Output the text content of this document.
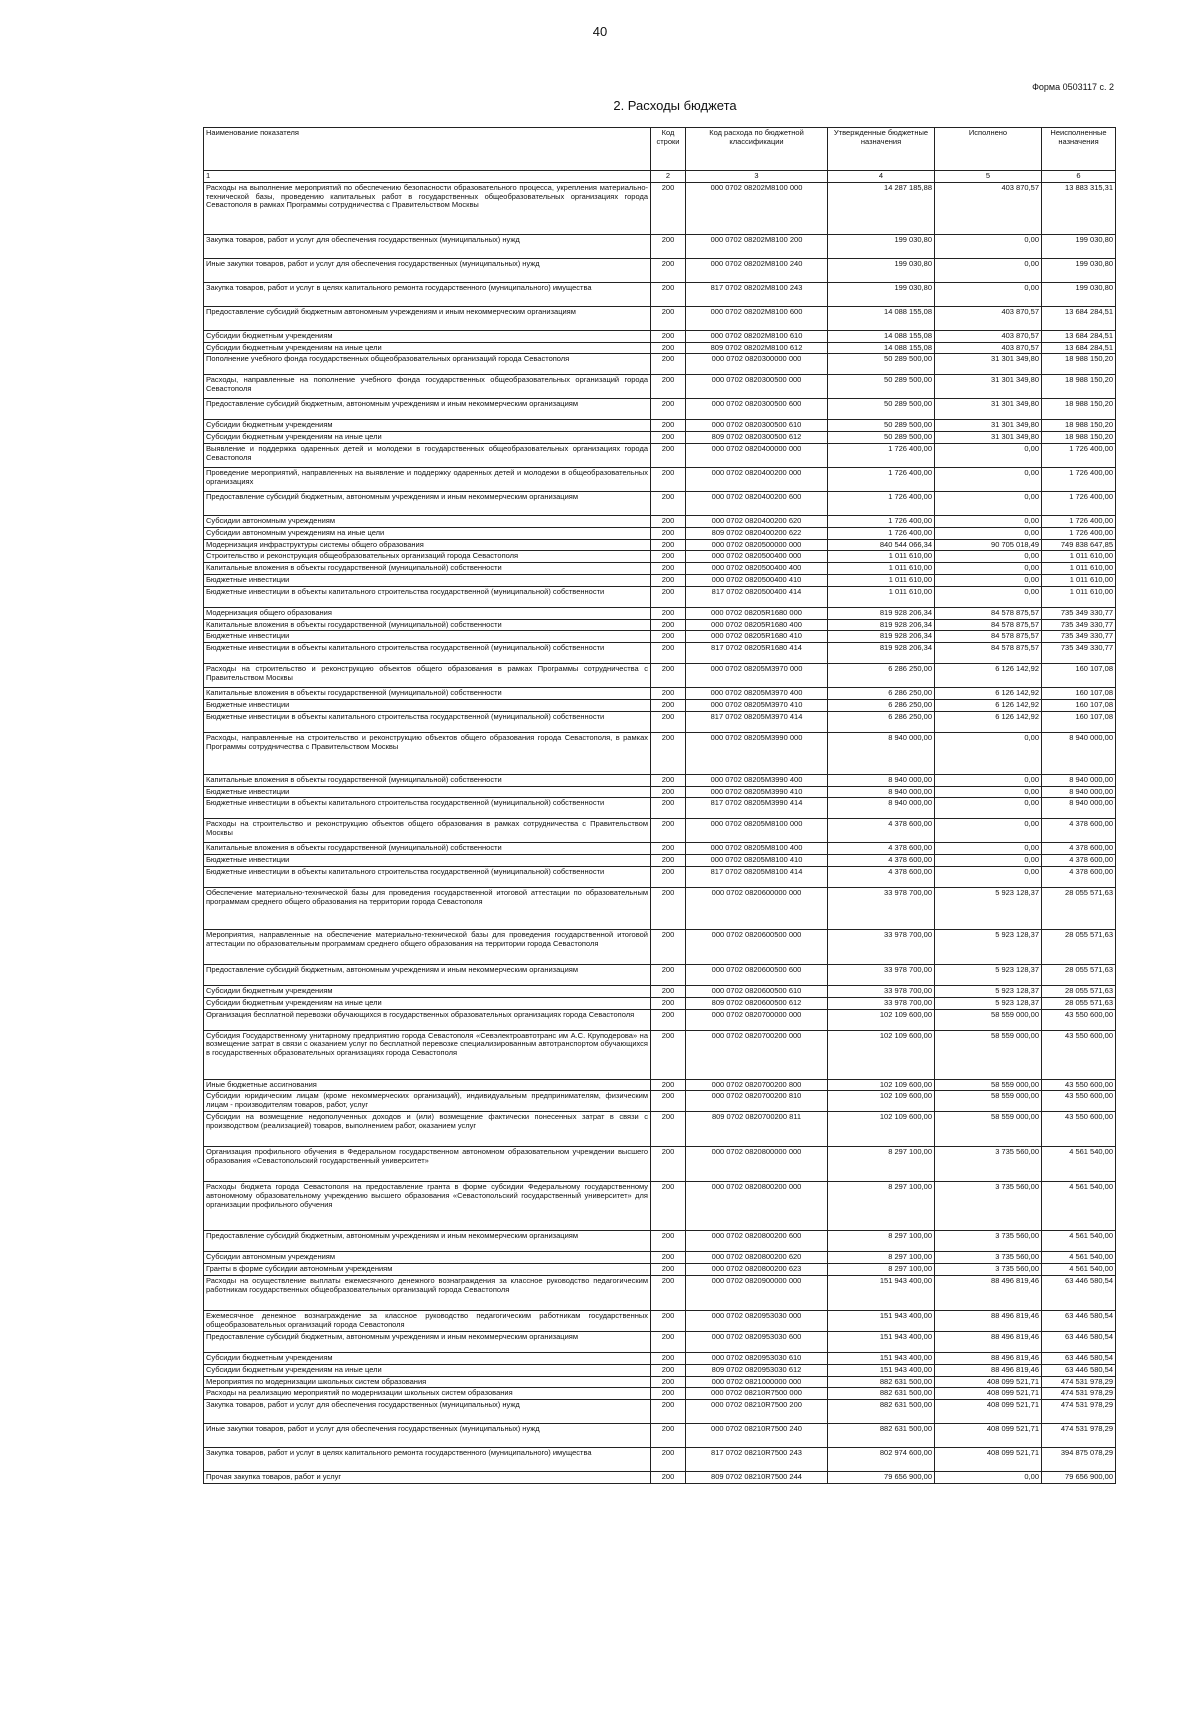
40
Форма 0503117 с. 2
2. Расходы бюджета
Наименование показателя	Код строки	Код расхода по бюджетной классификации	Утвержденные бюджетные назначения	Исполнено	Неисполненные назначения
1	2	3	4	5	6
Расходы на выполнение мероприятий по обеспечению безопасности образовательного процесса, укрепления материально-технической базы, проведению капитальных работ в государственных общеобразовательных организациях города Севастополя в рамках Программы сотрудничества с Правительством Москвы	200	000 0702 08202М8100 000	14 287 185,88	403 870,57	13 883 315,31
Закупка товаров, работ и услуг для обеспечения государственных (муниципальных) нужд	200	000 0702 08202М8100 200	199 030,80	0,00	199 030,80
Иные закупки товаров, работ и услуг для обеспечения государственных (муниципальных) нужд	200	000 0702 08202М8100 240	199 030,80	0,00	199 030,80
Закупка товаров, работ и услуг в целях капитального ремонта государственного (муниципального) имущества	200	817 0702 08202М8100 243	199 030,80	0,00	199 030,80
Предоставление субсидий бюджетным автономным учреждениям и иным некоммерческим организациям	200	000 0702 08202М8100 600	14 088 155,08	403 870,57	13 684 284,51
Субсидии бюджетным учреждениям	200	000 0702 08202М8100 610	14 088 155,08	403 870,57	13 684 284,51
Субсидии бюджетным учреждениям на иные цели	200	809 0702 08202М8100 612	14 088 155,08	403 870,57	13 684 284,51
Пополнение учебного фонда государственных общеобразовательных организаций города Севастополя	200	000 0702 0820300000 000	50 289 500,00	31 301 349,80	18 988 150,20
Расходы, направленные на пополнение учебного фонда государственных общеобразовательных организаций города Севастополя	200	000 0702 0820300500 000	50 289 500,00	31 301 349,80	18 988 150,20
Предоставление субсидий бюджетным, автономным учреждениям и иным некоммерческим организациям	200	000 0702 0820300500 600	50 289 500,00	31 301 349,80	18 988 150,20
Субсидии бюджетным учреждениям	200	000 0702 0820300500 610	50 289 500,00	31 301 349,80	18 988 150,20
Субсидии бюджетным учреждениям на иные цели	200	809 0702 0820300500 612	50 289 500,00	31 301 349,80	18 988 150,20
Выявление и поддержка одаренных детей и молодежи в государственных общеобразовательных организациях города Севастополя	200	000 0702 0820400000 000	1 726 400,00	0,00	1 726 400,00
Проведение мероприятий, направленных на выявление и поддержку одаренных детей и молодежи в общеобразовательных организациях	200	000 0702 0820400200 000	1 726 400,00	0,00	1 726 400,00
Предоставление субсидий бюджетным, автономным учреждениям и иным некоммерческим организациям	200	000 0702 0820400200 600	1 726 400,00	0,00	1 726 400,00
Субсидии автономным учреждениям	200	000 0702 0820400200 620	1 726 400,00	0,00	1 726 400,00
Субсидии автономным учреждениям на иные цели	200	809 0702 0820400200 622	1 726 400,00	0,00	1 726 400,00
Модернизация инфраструктуры системы общего образования	200	000 0702 0820500000 000	840 544 066,34	90 705 018,49	749 838 647,85
Строительство и реконструкция общеобразовательных организаций города Севастополя	200	000 0702 0820500400 000	1 011 610,00	0,00	1 011 610,00
Капитальные вложения в объекты государственной (муниципальной) собственности	200	000 0702 0820500400 400	1 011 610,00	0,00	1 011 610,00
Бюджетные инвестиции	200	000 0702 0820500400 410	1 011 610,00	0,00	1 011 610,00
Бюджетные инвестиции в объекты капитального строительства государственной (муниципальной) собственности	200	817 0702 0820500400 414	1 011 610,00	0,00	1 011 610,00
Модернизация общего образования	200	000 0702 08205R1680 000	819 928 206,34	84 578 875,57	735 349 330,77
Капитальные вложения в объекты государственной (муниципальной) собственности	200	000 0702 08205R1680 400	819 928 206,34	84 578 875,57	735 349 330,77
Бюджетные инвестиции	200	000 0702 08205R1680 410	819 928 206,34	84 578 875,57	735 349 330,77
Бюджетные инвестиции в объекты капитального строительства государственной (муниципальной) собственности	200	817 0702 08205R1680 414	819 928 206,34	84 578 875,57	735 349 330,77
Расходы на строительство и реконструкцию объектов общего образования в рамках Программы сотрудничества с Правительством Москвы	200	000 0702 08205М3970 000	6 286 250,00	6 126 142,92	160 107,08
Капитальные вложения в объекты государственной (муниципальной) собственности	200	000 0702 08205М3970 400	6 286 250,00	6 126 142,92	160 107,08
Бюджетные инвестиции	200	000 0702 08205М3970 410	6 286 250,00	6 126 142,92	160 107,08
Бюджетные инвестиции в объекты капитального строительства государственной (муниципальной) собственности	200	817 0702 08205М3970 414	6 286 250,00	6 126 142,92	160 107,08
Расходы, направленные на строительство и реконструкцию объектов общего образования города Севастополя, в рамках Программы сотрудничества с Правительством Москвы	200	000 0702 08205М3990 000	8 940 000,00	0,00	8 940 000,00
Капитальные вложения в объекты государственной (муниципальной) собственности	200	000 0702 08205М3990 400	8 940 000,00	0,00	8 940 000,00
Бюджетные инвестиции	200	000 0702 08205М3990 410	8 940 000,00	0,00	8 940 000,00
Бюджетные инвестиции в объекты капитального строительства государственной (муниципальной) собственности	200	817 0702 08205М3990 414	8 940 000,00	0,00	8 940 000,00
Расходы на строительство и реконструкцию объектов общего образования в рамках сотрудничества с Правительством Москвы	200	000 0702 08205М8100 000	4 378 600,00	0,00	4 378 600,00
Капитальные вложения в объекты государственной (муниципальной) собственности	200	000 0702 08205М8100 400	4 378 600,00	0,00	4 378 600,00
Бюджетные инвестиции	200	000 0702 08205М8100 410	4 378 600,00	0,00	4 378 600,00
Бюджетные инвестиции в объекты капитального строительства государственной (муниципальной) собственности	200	817 0702 08205М8100 414	4 378 600,00	0,00	4 378 600,00
Обеспечение материально-технической базы для проведения государственной итоговой аттестации по образовательным программам среднего общего образования на территории города Севастополя	200	000 0702 0820600000 000	33 978 700,00	5 923 128,37	28 055 571,63
Мероприятия, направленные на обеспечение материально-технической базы для проведения государственной итоговой аттестации по образовательным программам среднего общего образования на территории города Севастополя	200	000 0702 0820600500 000	33 978 700,00	5 923 128,37	28 055 571,63
Предоставление субсидий бюджетным, автономным учреждениям и иным некоммерческим организациям	200	000 0702 0820600500 600	33 978 700,00	5 923 128,37	28 055 571,63
Субсидии бюджетным учреждениям	200	000 0702 0820600500 610	33 978 700,00	5 923 128,37	28 055 571,63
Субсидии бюджетным учреждениям на иные цели	200	809 0702 0820600500 612	33 978 700,00	5 923 128,37	28 055 571,63
Организация бесплатной перевозки обучающихся в государственных образовательных организациях города Севастополя	200	000 0702 0820700000 000	102 109 600,00	58 559 000,00	43 550 600,00
Субсидия Государственному унитарному предприятию города Севастополя «Севэлектроавтотранс им А.С. Круподерова» на возмещение затрат в связи с оказанием услуг по бесплатной перевозке специализированным автотранспортом обучающихся в государственных образовательных организациях города Севастополя	200	000 0702 0820700200 000	102 109 600,00	58 559 000,00	43 550 600,00
Иные бюджетные ассигнования	200	000 0702 0820700200 800	102 109 600,00	58 559 000,00	43 550 600,00
Субсидии юридическим лицам (кроме некоммерческих организаций), индивидуальным предпринимателям, физическим лицам - производителям товаров, работ, услуг	200	000 0702 0820700200 810	102 109 600,00	58 559 000,00	43 550 600,00
Субсидии на возмещение недополученных доходов и (или) возмещение фактически понесенных затрат в связи с производством (реализацией) товаров, выполнением работ, оказанием услуг	200	809 0702 0820700200 811	102 109 600,00	58 559 000,00	43 550 600,00
Организация профильного обучения в Федеральном государственном автономном образовательном учреждении высшего образования «Севастопольский государственный университет»	200	000 0702 0820800000 000	8 297 100,00	3 735 560,00	4 561 540,00
Расходы бюджета города Севастополя на предоставление гранта в форме субсидии Федеральному государственному автономному образовательному учреждению высшего образования «Севастопольский государственный университет» для организации профильного обучения	200	000 0702 0820800200 000	8 297 100,00	3 735 560,00	4 561 540,00
Предоставление субсидий бюджетным, автономным учреждениям и иным некоммерческим организациям	200	000 0702 0820800200 600	8 297 100,00	3 735 560,00	4 561 540,00
Субсидии автономным учреждениям	200	000 0702 0820800200 620	8 297 100,00	3 735 560,00	4 561 540,00
Гранты в форме субсидии автономным учреждениям	200	000 0702 0820800200 623	8 297 100,00	3 735 560,00	4 561 540,00
Расходы на осуществление выплаты ежемесячного денежного вознаграждения за классное руководство педагогическим работникам государственных общеобразовательных организаций города Севастополя	200	000 0702 0820900000 000	151 943 400,00	88 496 819,46	63 446 580,54
Ежемесячное денежное вознаграждение за классное руководство педагогическим работникам государственных общеобразовательных организаций города Севастополя	200	000 0702 0820953030 000	151 943 400,00	88 496 819,46	63 446 580,54
Предоставление субсидий бюджетным, автономным учреждениям и иным некоммерческим организациям	200	000 0702 0820953030 600	151 943 400,00	88 496 819,46	63 446 580,54
Субсидии бюджетным учреждениям	200	000 0702 0820953030 610	151 943 400,00	88 496 819,46	63 446 580,54
Субсидии бюджетным учреждениям на иные цели	200	809 0702 0820953030 612	151 943 400,00	88 496 819,46	63 446 580,54
Мероприятия по модернизации школьных систем образования	200	000 0702 0821000000 000	882 631 500,00	408 099 521,71	474 531 978,29
Расходы на реализацию мероприятий по модернизации школьных систем образования	200	000 0702 08210R7500 000	882 631 500,00	408 099 521,71	474 531 978,29
Закупка товаров, работ и услуг для обеспечения государственных (муниципальных) нужд	200	000 0702 08210R7500 200	882 631 500,00	408 099 521,71	474 531 978,29
Иные закупки товаров, работ и услуг для обеспечения государственных (муниципальных) нужд	200	000 0702 08210R7500 240	882 631 500,00	408 099 521,71	474 531 978,29
Закупка товаров, работ и услуг в целях капитального ремонта государственного (муниципального) имущества	200	817 0702 08210R7500 243	802 974 600,00	408 099 521,71	394 875 078,29
Прочая закупка товаров, работ и услуг	200	809 0702 08210R7500 244	79 656 900,00	0,00	79 656 900,00
